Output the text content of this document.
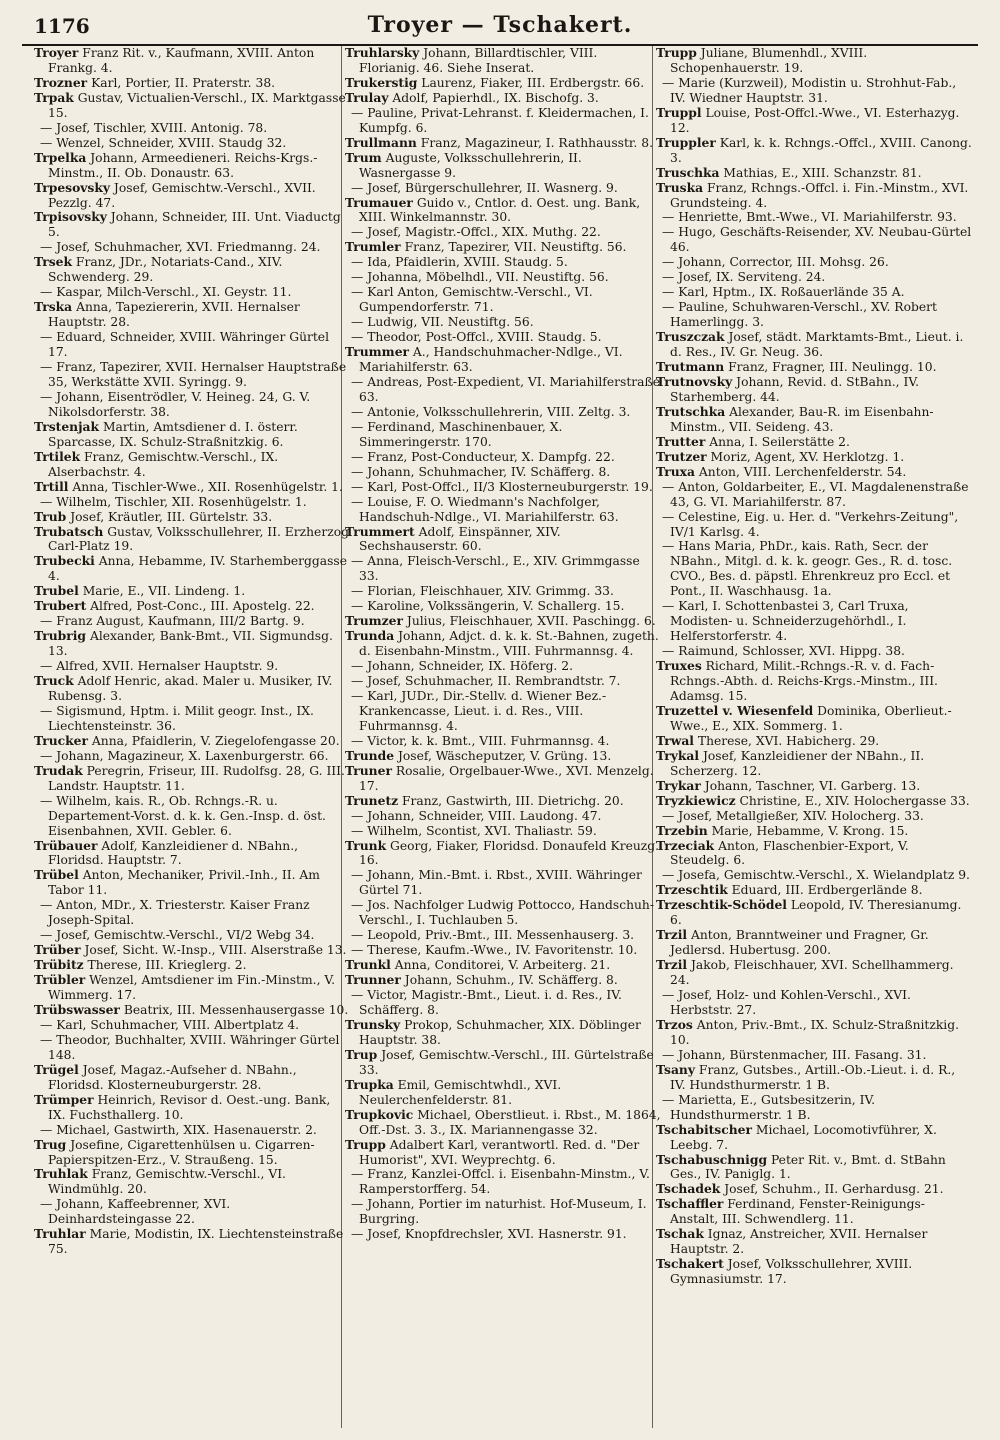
1176	Troyer — Tschakert.

Troyer Franz Rit. v., Kaufmann, XVIII. Anton Frankg. 4.

Trozner Karl, Portier, II. Praterstr. 38.

Trpak Gustav, Victualien-Verschl., IX. Marktgasse 15.

— Josef, Tischler, XVIII. Antonig. 78.

— Wenzel, Schneider, XVIII. Staudg 32.

Trpelka Johann, Armeedieneri. Reichs-Krgs.-Minstm., II. Ob. Donaustr. 63.

Trpesovsky Josef, Gemischtw.-Verschl., XVII. Pezzlg. 47.

Trpisovsky Johann, Schneider, III. Unt. Viaductg 5.

— Josef, Schuhmacher, XVI. Friedmanng. 24.

Trsek Franz, JDr., Notariats-Cand., XIV. Schwenderg. 29.

— Kaspar, Milch-Verschl., XI. Geystr. 11.

Trska Anna, Tapeziererin, XVII. Hernalser Hauptstr. 28.

— Eduard, Schneider, XVIII. Währinger Gürtel 17.

— Franz, Tapezirer, XVII. Hernalser Hauptstraße 35, Werkstätte XVII. Syringg. 9.

— Johann, Eisentrödler, V. Heineg. 24, G. V. Nikolsdorferstr. 38.

Trstenjak Martin, Amtsdiener d. I. österr. Sparcasse, IX. Schulz-Straßnitzkig. 6.

Trtilek Franz, Gemischtw.-Verschl., IX. Alserbachstr. 4.

Trtill Anna, Tischler-Wwe., XII. Rosenhügelstr. 1.

— Wilhelm, Tischler, XII. Rosenhügelstr. 1.

Trub Josef, Kräutler, III. Gürtelstr. 33.

Trubatsch Gustav, Volksschullehrer, II. Erzherzog Carl-Platz 19.

Trubecki Anna, Hebamme, IV. Starhemberggasse 4.

Trubel Marie, E., VII. Lindeng. 1.

Trubert Alfred, Post-Conc., III. Apostelg. 22.

— Franz August, Kaufmann, III/2 Bartg. 9.

Trubrig Alexander, Bank-Bmt., VII. Sigmundsg. 13.

— Alfred, XVII. Hernalser Hauptstr. 9.

Truck Adolf Henric, akad. Maler u. Musiker, IV. Rubensg. 3.

— Sigismund, Hptm. i. Milit geogr. Inst., IX. Liechtensteinstr. 36.

Trucker Anna, Pfaidlerin, V. Ziegelofengasse 20.

— Johann, Magazineur, X. Laxenburgerstr. 66.

Trudak Peregrin, Friseur, III. Rudolfsg. 28, G. III. Landstr. Hauptstr. 11.

— Wilhelm, kais. R., Ob. Rchngs.-R. u. Departement-Vorst. d. k. k. Gen.-Insp. d. öst. Eisenbahnen, XVII. Gebler. 6.

Trübauer Adolf, Kanzleidiener d. NBahn., Floridsd. Hauptstr. 7.

Trübel Anton, Mechaniker, Privil.-Inh., II. Am Tabor 11.

— Anton, MDr., X. Triesterstr. Kaiser Franz Joseph-Spital.

— Josef, Gemischtw.-Verschl., VI/2 Webg 34.

Trüber Josef, Sicht. W.-Insp., VIII. Alserstraße 13.

Trübitz Therese, III. Krieglerg. 2.

Trübler Wenzel, Amtsdiener im Fin.-Minstm., V. Wimmerg. 17.

Trübswasser Beatrix, III. Messenhausergasse 10.

— Karl, Schuhmacher, VIII. Albertplatz 4.

— Theodor, Buchhalter, XVIII. Währinger Gürtel 148.

Trügel Josef, Magaz.-Aufseher d. NBahn., Floridsd. Klosterneuburgerstr. 28.

Trümper Heinrich, Revisor d. Oest.-ung. Bank, IX. Fuchsthallerg. 10.

— Michael, Gastwirth, XIX. Hasenauerstr. 2.

Trug Josefine, Cigarettenhülsen u. Cigarren-Papierspitzen-Erz., V. Straußeng. 15.

Truhlak Franz, Gemischtw.-Verschl., VI. Windmühlg. 20.

— Johann, Kaffeebrenner, XVI. Deinhardsteingasse 22.

Truhlar Marie, Modistin, IX. Liechtensteinstraße 75.

Truhlarsky Johann, Billardtischler, VIII. Florianig. 46. Siehe Inserat.

Trukerstig Laurenz, Fiaker, III. Erdbergstr. 66.

Trulay Adolf, Papierhdl., IX. Bischofg. 3.

— Pauline, Privat-Lehranst. f. Kleidermachen, I. Kumpfg. 6.

Trullmann Franz, Magazineur, I. Rathhausstr. 8.

Trum Auguste, Volksschullehrerin, II. Wasnergasse 9.

— Josef, Bürgerschullehrer, II. Wasnerg. 9.

Trumauer Guido v., Cntlor. d. Oest. ung. Bank, XIII. Winkelmannstr. 30.

— Josef, Magistr.-Offcl., XIX. Muthg. 22.

Trumler Franz, Tapezirer, VII. Neustiftg. 56.

— Ida, Pfaidlerin, XVIII. Staudg. 5.

— Johanna, Möbelhdl., VII. Neustiftg. 56.

— Karl Anton, Gemischtw.-Verschl., VI. Gumpendorferstr. 71.

— Ludwig, VII. Neustiftg. 56.

— Theodor, Post-Offcl., XVIII. Staudg. 5.

Trummer A., Handschuhmacher-Ndlge., VI. Mariahilferstr. 63.

— Andreas, Post-Expedient, VI. Mariahilferstraße 63.

— Antonie, Volksschullehrerin, VIII. Zeltg. 3.

— Ferdinand, Maschinenbauer, X. Simmeringerstr. 170.

— Franz, Post-Conducteur, X. Dampfg. 22.

— Johann, Schuhmacher, IV. Schäfferg. 8.

— Karl, Post-Offcl., II/3 Klosterneuburgerstr. 19.

— Louise, F. O. Wiedmann's Nachfolger, Handschuh-Ndlge., VI. Mariahilferstr. 63.

Trummert Adolf, Einspänner, XIV. Sechshauserstr. 60.

— Anna, Fleisch-Verschl., E., XIV. Grimmgasse 33.

— Florian, Fleischhauer, XIV. Grimmg. 33.

— Karoline, Volkssängerin, V. Schallerg. 15.

Trumzer Julius, Fleischhauer, XVII. Paschingg. 6.

Trunda Johann, Adjct. d. k. k. St.-Bahnen, zugeth. d. Eisenbahn-Minstm., VIII. Fuhrmannsg. 4.

— Johann, Schneider, IX. Höferg. 2.

— Josef, Schuhmacher, II. Rembrandtstr. 7.

— Karl, JUDr., Dir.-Stellv. d. Wiener Bez.-Krankencasse, Lieut. i. d. Res., VIII. Fuhrmannsg. 4.

— Victor, k. k. Bmt., VIII. Fuhrmannsg. 4.

Trunde Josef, Wäscheputzer, V. Grüng. 13.

Truner Rosalie, Orgelbauer-Wwe., XVI. Menzelg. 17.

Trunetz Franz, Gastwirth, III. Dietrichg. 20.

— Johann, Schneider, VIII. Laudong. 47.

— Wilhelm, Scontist, XVI. Thaliastr. 59.

Trunk Georg, Fiaker, Floridsd. Donaufeld Kreuzg. 16.

— Johann, Min.-Bmt. i. Rbst., XVIII. Währinger Gürtel 71.

— Jos. Nachfolger Ludwig Pottocco, Handschuh-Verschl., I. Tuchlauben 5.

— Leopold, Priv.-Bmt., III. Messenhauserg. 3.

— Therese, Kaufm.-Wwe., IV. Favoritenstr. 10.

Trunkl Anna, Conditorei, V. Arbeiterg. 21.

Trunner Johann, Schuhm., IV. Schäfferg. 8.

— Victor, Magistr.-Bmt., Lieut. i. d. Res., IV. Schäfferg. 8.

Trunsky Prokop, Schuhmacher, XIX. Döblinger Hauptstr. 38.

Trup Josef, Gemischtw.-Verschl., III. Gürtelstraße 33.

Trupka Emil, Gemischtwhdl., XVI. Neulerchenfelderstr. 81.

Trupkovic Michael, Oberstlieut. i. Rbst., M. 1864, Off.-Dst. 3. 3., IX. Mariannengasse 32.

Trupp Adalbert Karl, verantwortl. Red. d. "Der Humorist", XVI. Weyprechtg. 6.

— Franz, Kanzlei-Offcl. i. Eisenbahn-Minstm., V. Ramperstorfferg. 54.

— Johann, Portier im naturhist. Hof-Museum, I. Burgring.

— Josef, Knopfdrechsler, XVI. Hasnerstr. 91.

Trupp Juliane, Blumenhdl., XVIII. Schopenhauerstr. 19.

— Marie (Kurzweil), Modistin u. Strohhut-Fab., IV. Wiedner Hauptstr. 31.

Truppl Louise, Post-Offcl.-Wwe., VI. Esterhazyg. 12.

Truppler Karl, k. k. Rchngs.-Offcl., XVIII. Canong. 3.

Truschka Mathias, E., XIII. Schanzstr. 81.

Truska Franz, Rchngs.-Offcl. i. Fin.-Minstm., XVI. Grundsteing. 4.

— Henriette, Bmt.-Wwe., VI. Mariahilferstr. 93.

— Hugo, Geschäfts-Reisender, XV. Neubau-Gürtel 46.

— Johann, Corrector, III. Mohsg. 26.

— Josef, IX. Serviteng. 24.

— Karl, Hptm., IX. Roßauerlände 35 A.

— Pauline, Schuhwaren-Verschl., XV. Robert Hamerlingg. 3.

Truszczak Josef, städt. Marktamts-Bmt., Lieut. i. d. Res., IV. Gr. Neug. 36.

Trutmann Franz, Fragner, III. Neulingg. 10.

Trutnovsky Johann, Revid. d. StBahn., IV. Starhemberg. 44.

Trutschka Alexander, Bau-R. im Eisenbahn-Minstm., VII. Seideng. 43.

Trutter Anna, I. Seilerstätte 2.

Trutzer Moriz, Agent, XV. Herklotzg. 1.

Truxa Anton, VIII. Lerchenfelderstr. 54.

— Anton, Goldarbeiter, E., VI. Magdalenenstraße 43, G. VI. Mariahilferstr. 87.

— Celestine, Eig. u. Her. d. "Verkehrs-Zeitung", IV/1 Karlsg. 4.

— Hans Maria, PhDr., kais. Rath, Secr. der NBahn., Mitgl. d. k. k. geogr. Ges., R. d. tosc. CVO., Bes. d. päpstl. Ehrenkreuz pro Eccl. et Pont., II. Waschhausg. 1a.

— Karl, I. Schottenbastei 3, Carl Truxa, Modisten- u. Schneiderzugehörhdl., I. Helferstorferstr. 4.

— Raimund, Schlosser, XVI. Hippg. 38.

Truxes Richard, Milit.-Rchngs.-R. v. d. Fach-Rchngs.-Abth. d. Reichs-Krgs.-Minstm., III. Adamsg. 15.

Truzettel v. Wiesenfeld Dominika, Oberlieut.-Wwe., E., XIX. Sommerg. 1.

Trwal Therese, XVI. Habicherg. 29.

Trykal Josef, Kanzleidiener der NBahn., II. Scherzerg. 12.

Trykar Johann, Taschner, VI. Garberg. 13.

Tryzkiewicz Christine, E., XIV. Holochergasse 33.

— Josef, Metallgießer, XIV. Holocherg. 33.

Trzebin Marie, Hebamme, V. Krong. 15.

Trzeciak Anton, Flaschenbier-Export, V. Steudelg. 6.

— Josefa, Gemischtw.-Verschl., X. Wielandplatz 9.

Trzeschtik Eduard, III. Erdbergerlände 8.

Trzeschtik-Schödel Leopold, IV. Theresianumg. 6.

Trzil Anton, Branntweiner und Fragner, Gr. Jedlersd. Hubertusg. 200.

Trzil Jakob, Fleischhauer, XVI. Schellhammerg. 24.

— Josef, Holz- und Kohlen-Verschl., XVI. Herbststr. 27.

Trzos Anton, Priv.-Bmt., IX. Schulz-Straßnitzkig. 10.

— Johann, Bürstenmacher, III. Fasang. 31.

Tsany Franz, Gutsbes., Artill.-Ob.-Lieut. i. d. R., IV. Hundsthurmerstr. 1 B.

— Marietta, E., Gutsbesitzerin, IV. Hundsthurmerstr. 1 B.

Tschabitscher Michael, Locomotivführer, X. Leebg. 7.

Tschabuschnigg Peter Rit. v., Bmt. d. StBahn Ges., IV. Paniglg. 1.

Tschadek Josef, Schuhm., II. Gerhardusg. 21.

Tschaffler Ferdinand, Fenster-Reinigungs-Anstalt, III. Schwendlerg. 11.

Tschak Ignaz, Anstreicher, XVII. Hernalser Hauptstr. 2.

Tschakert Josef, Volksschullehrer, XVIII. Gymnasiumstr. 17.
